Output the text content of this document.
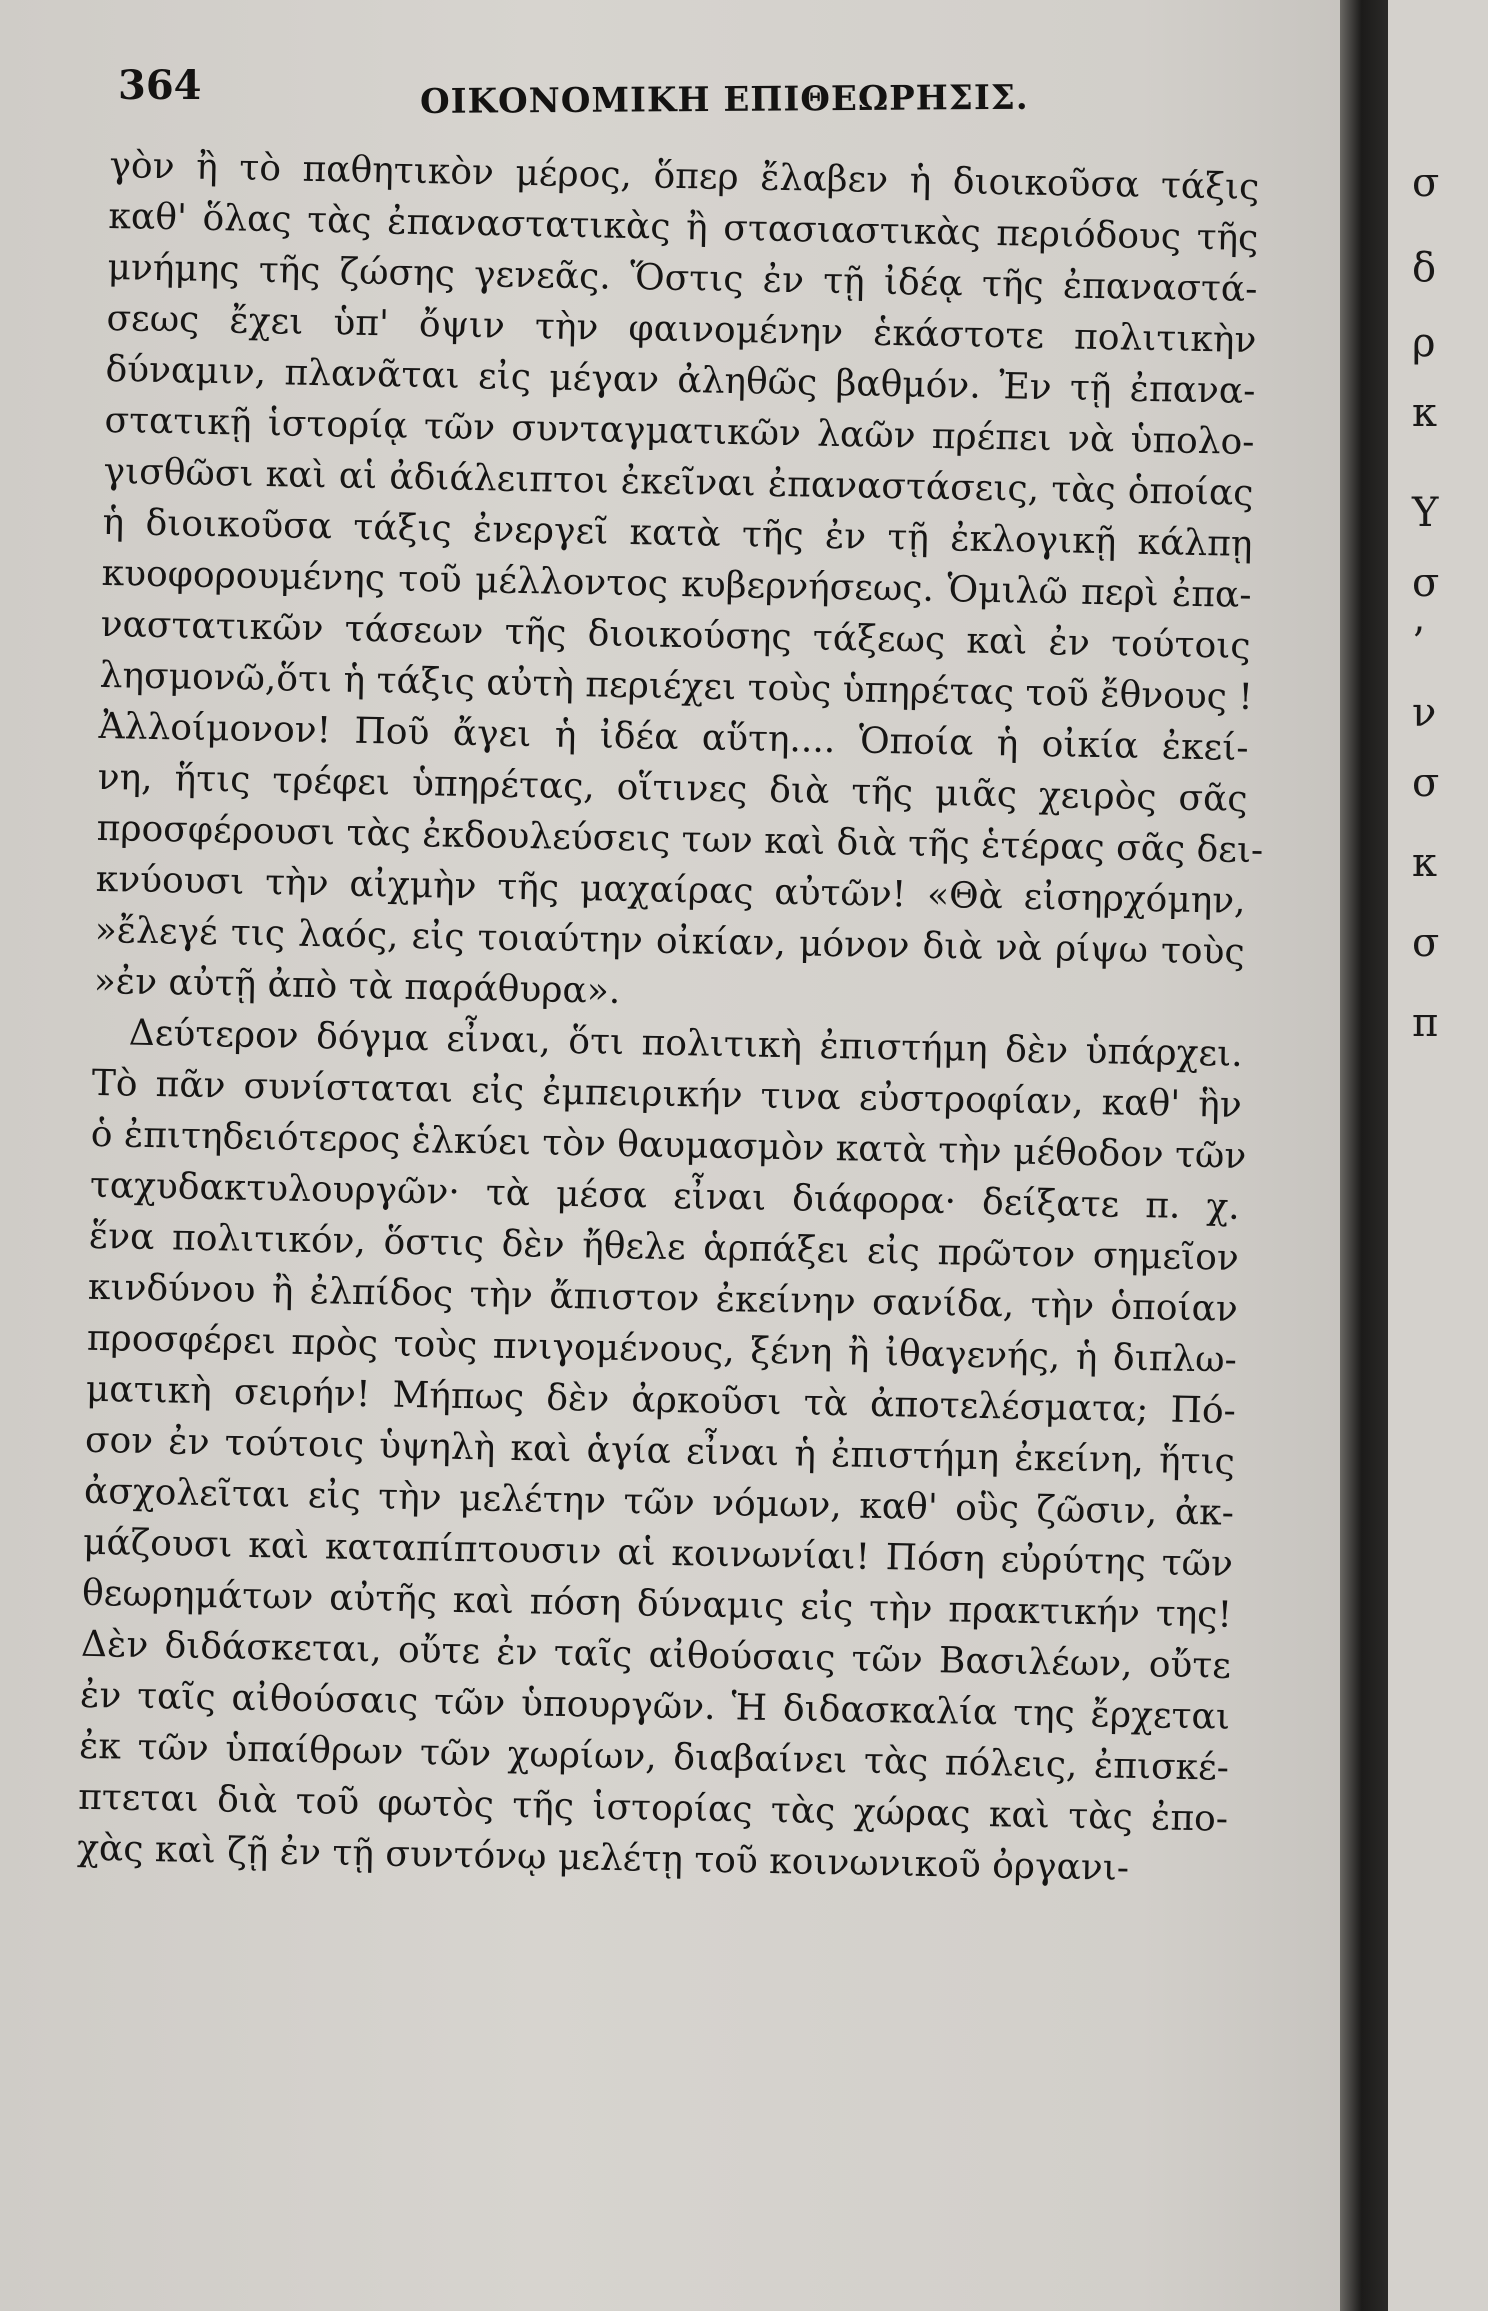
364	ΟΙΚΟΝΟΜΙΚΗ ΕΠΙΘΕΩΡΗΣΙΣ.
γὸν ἢ τὸ παθητικὸν μέρος, ὅπερ ἔλαβεν ἡ διοικοῦσα τάξις
καθ' ὅλας τὰς ἐπαναστατικὰς ἢ στασιαστικὰς περιόδους τῆς
μνήμης τῆς ζώσης γενεᾶς. Ὅστις ἐν τῇ ἰδέᾳ τῆς ἐπαναστά-
σεως ἔχει ὑπ' ὄψιν τὴν φαινομένην ἑκάστοτε πολιτικὴν
δύναμιν, πλανᾶται εἰς μέγαν ἀληθῶς βαθμόν. Ἐν τῇ ἐπανα-
στατικῇ ἱστορίᾳ τῶν συνταγματικῶν λαῶν πρέπει νὰ ὑπολο-
γισθῶσι καὶ αἱ ἀδιάλειπτοι ἐκεῖναι ἐπαναστάσεις, τὰς ὁποίας
ἡ διοικοῦσα τάξις ἐνεργεῖ κατὰ τῆς ἐν τῇ ἐκλογικῇ κάλπῃ
κυοφορουμένης τοῦ μέλλοντος κυβερνήσεως. Ὁμιλῶ περὶ ἐπα-
ναστατικῶν τάσεων τῆς διοικούσης τάξεως καὶ ἐν τούτοις
λησμονῶ,ὅτι ἡ τάξις αὐτὴ περιέχει τοὺς ὑπηρέτας τοῦ ἔθνους !
Ἀλλοίμονον! Ποῦ ἄγει ἡ ἰδέα αὕτη.... Ὁποία ἡ οἰκία ἐκεί-
νη, ἥτις τρέφει ὑπηρέτας, οἵτινες διὰ τῆς μιᾶς χειρὸς σᾶς
προσφέρουσι τὰς ἐκδουλεύσεις των καὶ διὰ τῆς ἑτέρας σᾶς δει-
κνύουσι τὴν αἰχμὴν τῆς μαχαίρας αὐτῶν! «Θὰ εἰσηρχόμην,
»ἔλεγέ τις λαός, εἰς τοιαύτην οἰκίαν, μόνον διὰ νὰ ρίψω τοὺς
»ἐν αὐτῇ ἀπὸ τὰ παράθυρα».
Δεύτερον δόγμα εἶναι, ὅτι πολιτικὴ ἐπιστήμη δὲν ὑπάρχει.
Τὸ πᾶν συνίσταται εἰς ἐμπειρικήν τινα εὐστροφίαν, καθ' ἣν
ὁ ἐπιτηδειότερος ἑλκύει τὸν θαυμασμὸν κατὰ τὴν μέθοδον τῶν
ταχυδακτυλουργῶν· τὰ μέσα εἶναι διάφορα· δείξατε π. χ.
ἕνα πολιτικόν, ὅστις δὲν ἤθελε ἁρπάξει εἰς πρῶτον σημεῖον
κινδύνου ἢ ἐλπίδος τὴν ἄπιστον ἐκείνην σανίδα, τὴν ὁποίαν
προσφέρει πρὸς τοὺς πνιγομένους, ξένη ἢ ἰθαγενής, ἡ διπλω-
ματικὴ σειρήν! Μήπως δὲν ἀρκοῦσι τὰ ἀποτελέσματα; Πό-
σον ἐν τούτοις ὑψηλὴ καὶ ἁγία εἶναι ἡ ἐπιστήμη ἐκείνη, ἥτις
ἀσχολεῖται εἰς τὴν μελέτην τῶν νόμων, καθ' οὓς ζῶσιν, ἀκ-
μάζουσι καὶ καταπίπτουσιν αἱ κοινωνίαι! Πόση εὐρύτης τῶν
θεωρημάτων αὐτῆς καὶ πόση δύναμις εἰς τὴν πρακτικήν της!
Δὲν διδάσκεται, οὔτε ἐν ταῖς αἰθούσαις τῶν Βασιλέων, οὔτε
ἐν ταῖς αἰθούσαις τῶν ὑπουργῶν. Ἡ διδασκαλία της ἔρχεται
ἐκ τῶν ὑπαίθρων τῶν χωρίων, διαβαίνει τὰς πόλεις, ἐπισκέ-
πτεται διὰ τοῦ φωτὸς τῆς ἱστορίας τὰς χώρας καὶ τὰς ἐπο-
χὰς καὶ ζῇ ἐν τῇ συντόνῳ μελέτῃ τοῦ κοινωνικοῦ ὀργανι-
σ
δ
ρ
κ
Υ
σ
’
ν
σ
κ
σ
π
